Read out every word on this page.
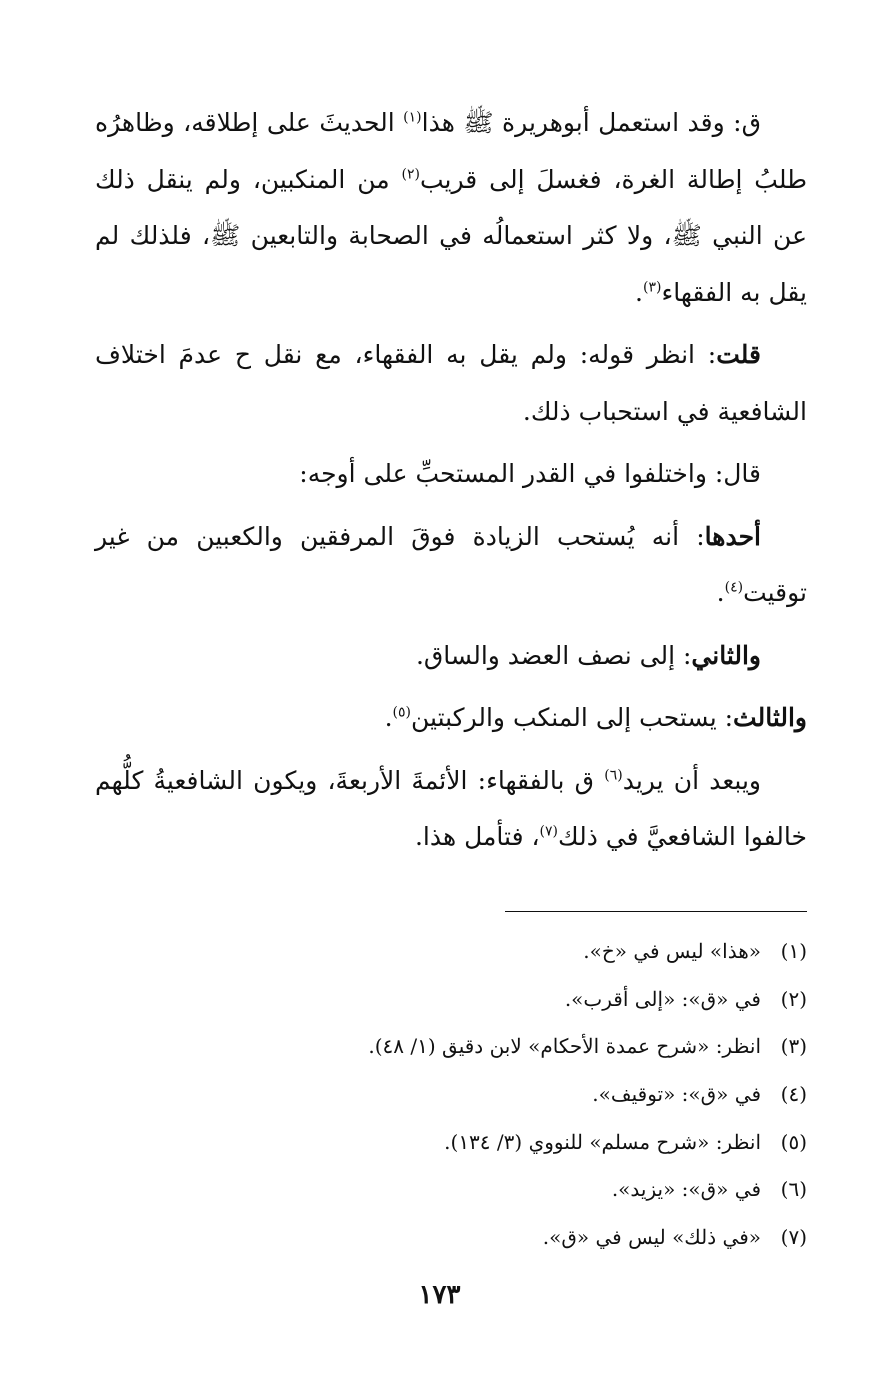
ق: وقد استعمل أبوهريرة ﷺ هذا$^{(١)}$ الحديثَ على إطلاقه، وظاهرُه طلبُ إطالة الغرة، فغسلَ إلى قريب$^{(٢)}$ من المنكبين، ولم ينقل ذلك عن النبي ﷺ، ولا كثر استعمالُه في الصحابة والتابعين ﷺ، فلذلك لم يقل به الفقهاء$^{(٣)}$.

قلت: انظر قوله: ولم يقل به الفقهاء، مع نقل ح عدمَ اختلاف الشافعية في استحباب ذلك.

قال: واختلفوا في القدر المستحبِّ على أوجه:

أحدها: أنه يُستحب الزيادة فوقَ المرفقين والكعبين من غير توقيت$^{(٤)}$.

والثاني: إلى نصف العضد والساق.

والثالث: يستحب إلى المنكب والركبتين$^{(٥)}$.

ويبعد أن يريد$^{(٦)}$ ق بالفقهاء: الأئمةَ الأربعةَ، ويكون الشافعيةُ كلُّهم خالفوا الشافعيَّ في ذلك$^{(٧)}$، فتأمل هذا.

(١)«هذا» ليس في «خ».
(٢)في «ق»: «إلى أقرب».
(٣)انظر: «شرح عمدة الأحكام» لابن دقيق (١/ ٤٨).
(٤)في «ق»: «توقيف».
(٥)انظر: «شرح مسلم» للنووي (٣/ ١٣٤).
(٦)في «ق»: «يزيد».
(٧)«في ذلك» ليس في «ق».
١٧٣
